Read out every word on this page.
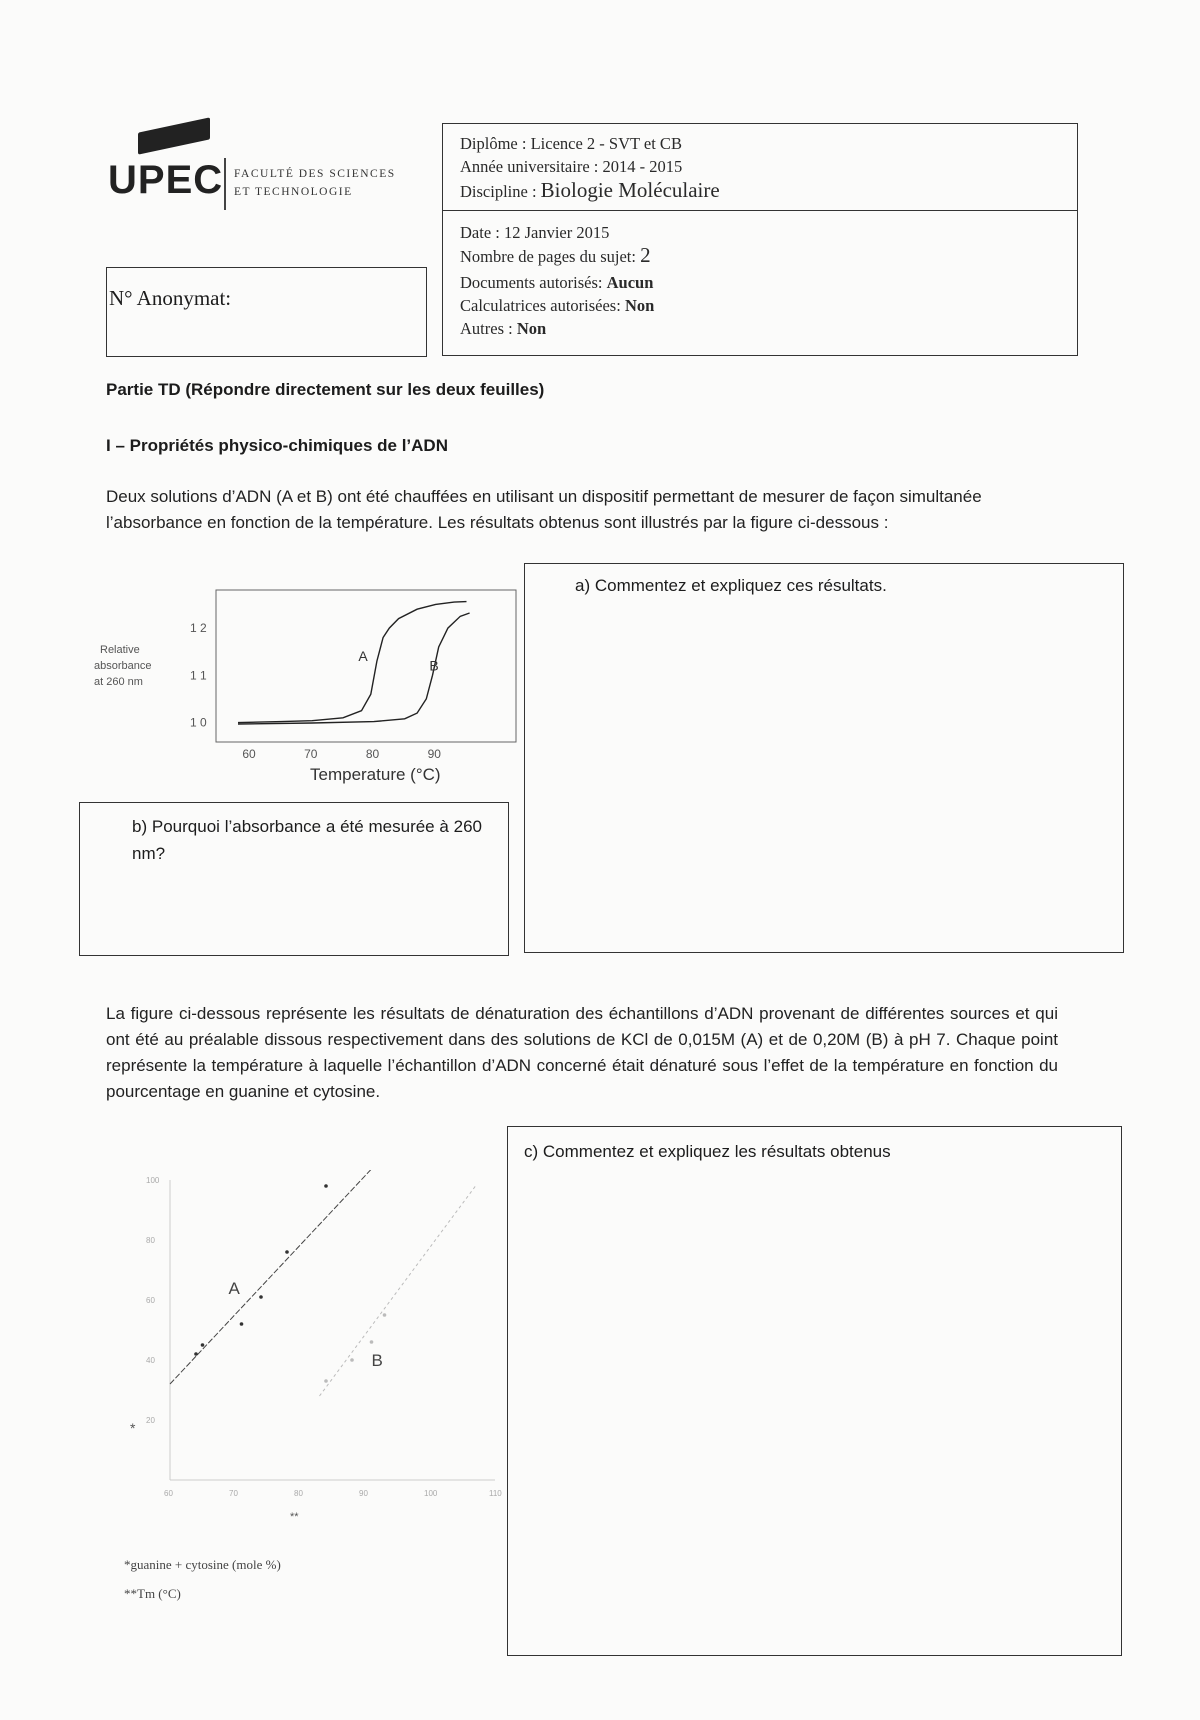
UPEC FACULTÉ DES SCIENCES
ET TECHNOLOGIE
N° Anonymat:
Diplôme : Licence 2 - SVT et CB
Année universitaire : 2014 - 2015
Discipline : Biologie Moléculaire
Date : 12 Janvier 2015
Nombre de pages du sujet: 2
Documents autorisés: Aucun
Calculatrices autorisées: Non
Autres : Non
Partie TD (Répondre directement sur les deux feuilles)
I – Propriétés physico-chimiques de l’ADN
Deux solutions d’ADN (A et B) ont été chauffées en utilisant un dispositif permettant de mesurer de façon simultanée l’absorbance en fonction de la température. Les résultats obtenus sont illustrés par la figure ci-dessous :
Relative
absorbance
at 260 nm
1 0
1 1
1 2
60	70	80	90
A
B
Temperature (°C)
a) Commentez et expliquez ces résultats.
b) Pourquoi l’absorbance a été mesurée à 260 nm?
La figure ci-dessous représente les résultats de dénaturation des échantillons d’ADN provenant de différentes sources et qui ont été au préalable dissous respectivement dans des solutions de KCl de 0,015M (A) et de 0,20M (B) à pH 7. Chaque point représente la température à laquelle l’échantillon d’ADN concerné était dénaturé sous l’effet de la température en fonction du pourcentage en guanine et cytosine.
60	70	80	90	100	110
20
40
60
80
100
A
B
*
**
*guanine + cytosine (mole %)
**Tm (°C)
c) Commentez et expliquez les résultats obtenus
